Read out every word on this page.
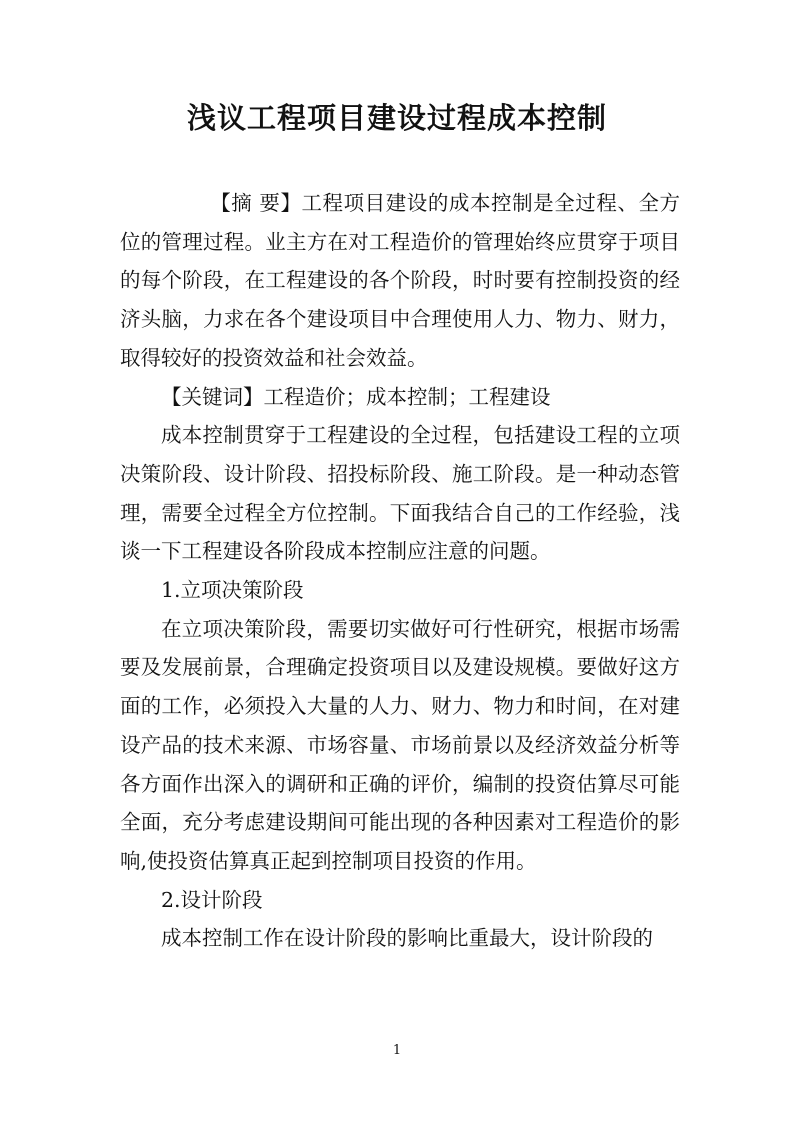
浅议工程项目建设过程成本控制

【摘 要】工程项目建设的成本控制是全过程、全方位的管理过程。业主方在对工程造价的管理始终应贯穿于项目的每个阶段，在工程建设的各个阶段，时时要有控制投资的经济头脑，力求在各个建设项目中合理使用人力、物力、财力，取得较好的投资效益和社会效益。

【关键词】工程造价；成本控制；工程建设

成本控制贯穿于工程建设的全过程，包括建设工程的立项决策阶段、设计阶段、招投标阶段、施工阶段。是一种动态管理，需要全过程全方位控制。下面我结合自己的工作经验，浅谈一下工程建设各阶段成本控制应注意的问题。

1.立项决策阶段

在立项决策阶段，需要切实做好可行性研究，根据市场需要及发展前景，合理确定投资项目以及建设规模。要做好这方面的工作，必须投入大量的人力、财力、物力和时间，在对建设产品的技术来源、市场容量、市场前景以及经济效益分析等各方面作出深入的调研和正确的评价，编制的投资估算尽可能全面，充分考虑建设期间可能出现的各种因素对工程造价的影响,使投资估算真正起到控制项目投资的作用。

2.设计阶段

成本控制工作在设计阶段的影响比重最大，设计阶段的

1
